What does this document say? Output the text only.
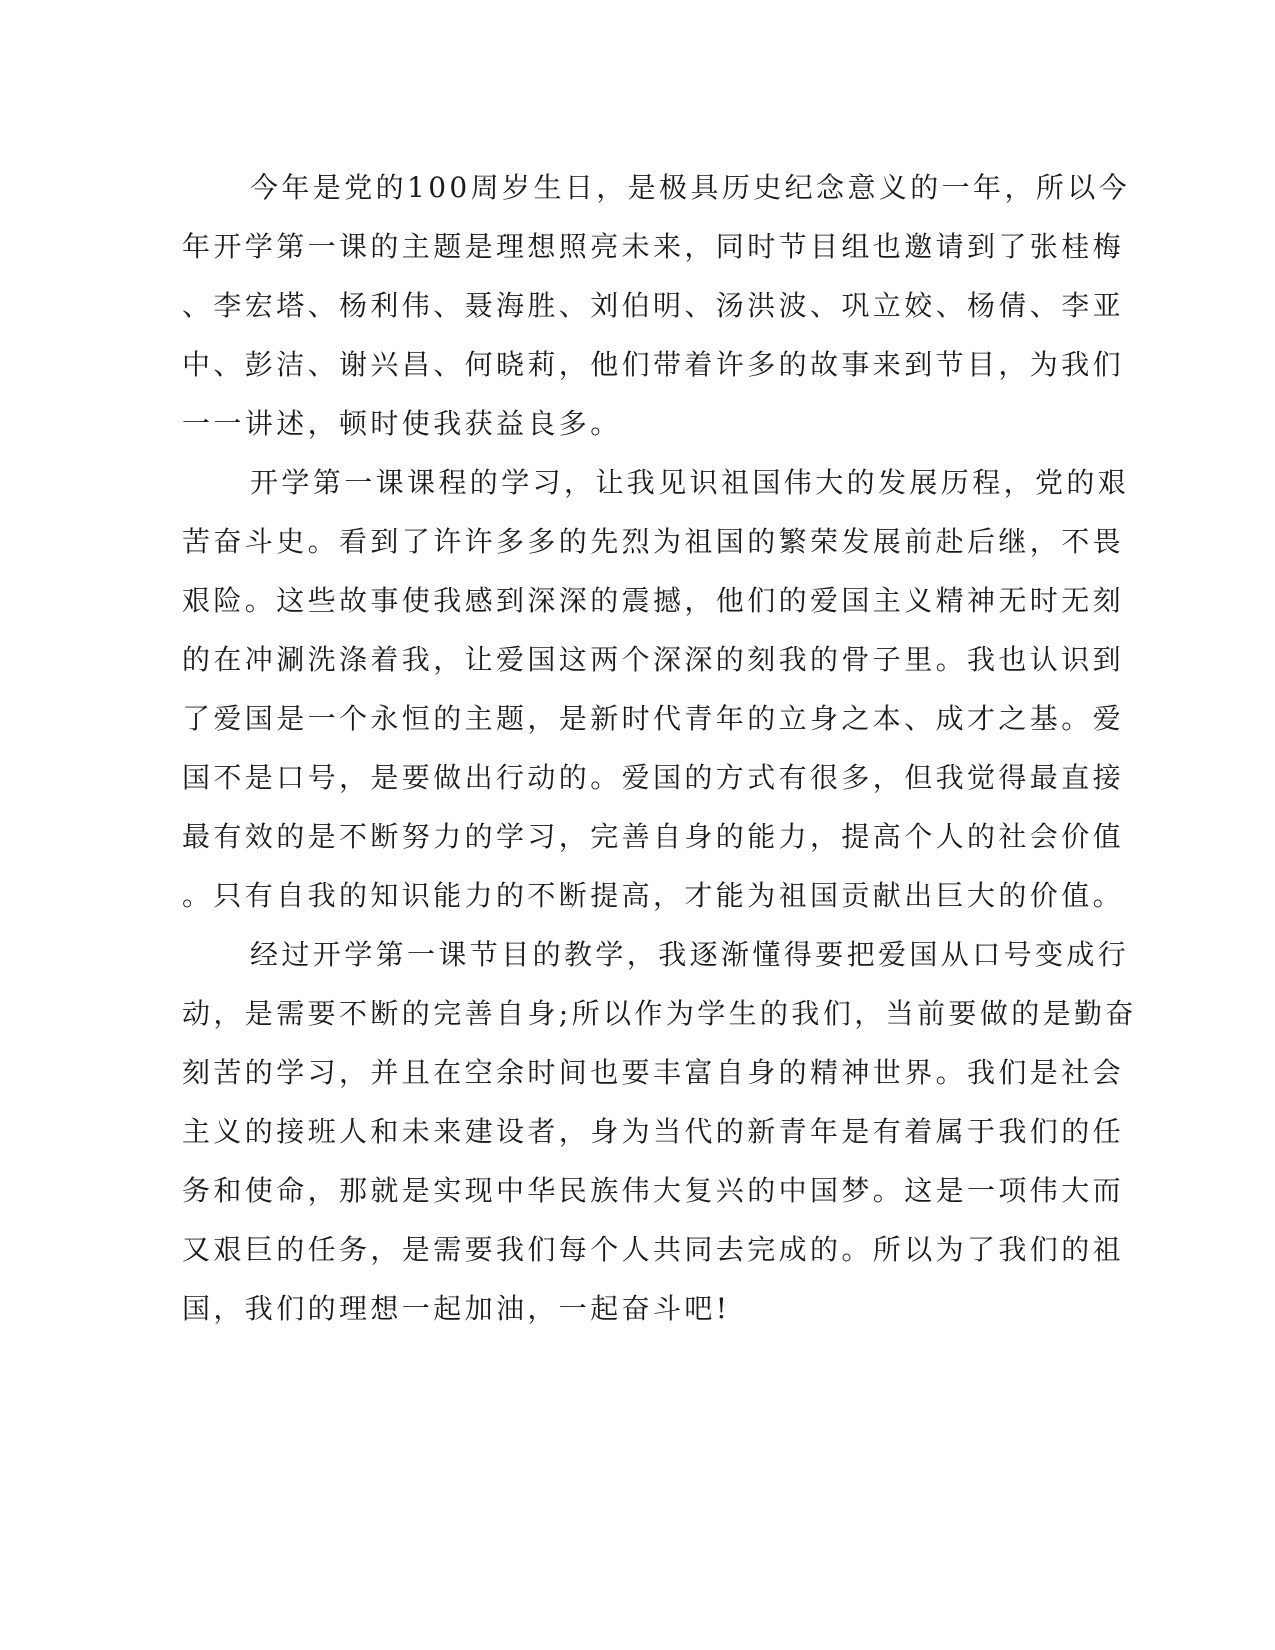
今年是党的100周岁生日，是极具历史纪念意义的一年，所以今
年开学第一课的主题是理想照亮未来，同时节目组也邀请到了张桂梅
、李宏塔、杨利伟、聂海胜、刘伯明、汤洪波、巩立姣、杨倩、李亚
中、彭洁、谢兴昌、何晓莉，他们带着许多的故事来到节目，为我们
一一讲述，顿时使我获益良多。
开学第一课课程的学习，让我见识祖国伟大的发展历程，党的艰
苦奋斗史。看到了许许多多的先烈为祖国的繁荣发展前赴后继，不畏
艰险。这些故事使我感到深深的震撼，他们的爱国主义精神无时无刻
的在冲涮洗涤着我，让爱国这两个深深的刻我的骨子里。我也认识到
了爱国是一个永恒的主题，是新时代青年的立身之本、成才之基。爱
国不是口号，是要做出行动的。爱国的方式有很多，但我觉得最直接
最有效的是不断努力的学习，完善自身的能力，提高个人的社会价值
。只有自我的知识能力的不断提高，才能为祖国贡献出巨大的价值。
经过开学第一课节目的教学，我逐渐懂得要把爱国从口号变成行
动，是需要不断的完善自身;所以作为学生的我们，当前要做的是勤奋
刻苦的学习，并且在空余时间也要丰富自身的精神世界。我们是社会
主义的接班人和未来建设者，身为当代的新青年是有着属于我们的任
务和使命，那就是实现中华民族伟大复兴的中国梦。这是一项伟大而
又艰巨的任务，是需要我们每个人共同去完成的。所以为了我们的祖
国，我们的理想一起加油，一起奋斗吧!
